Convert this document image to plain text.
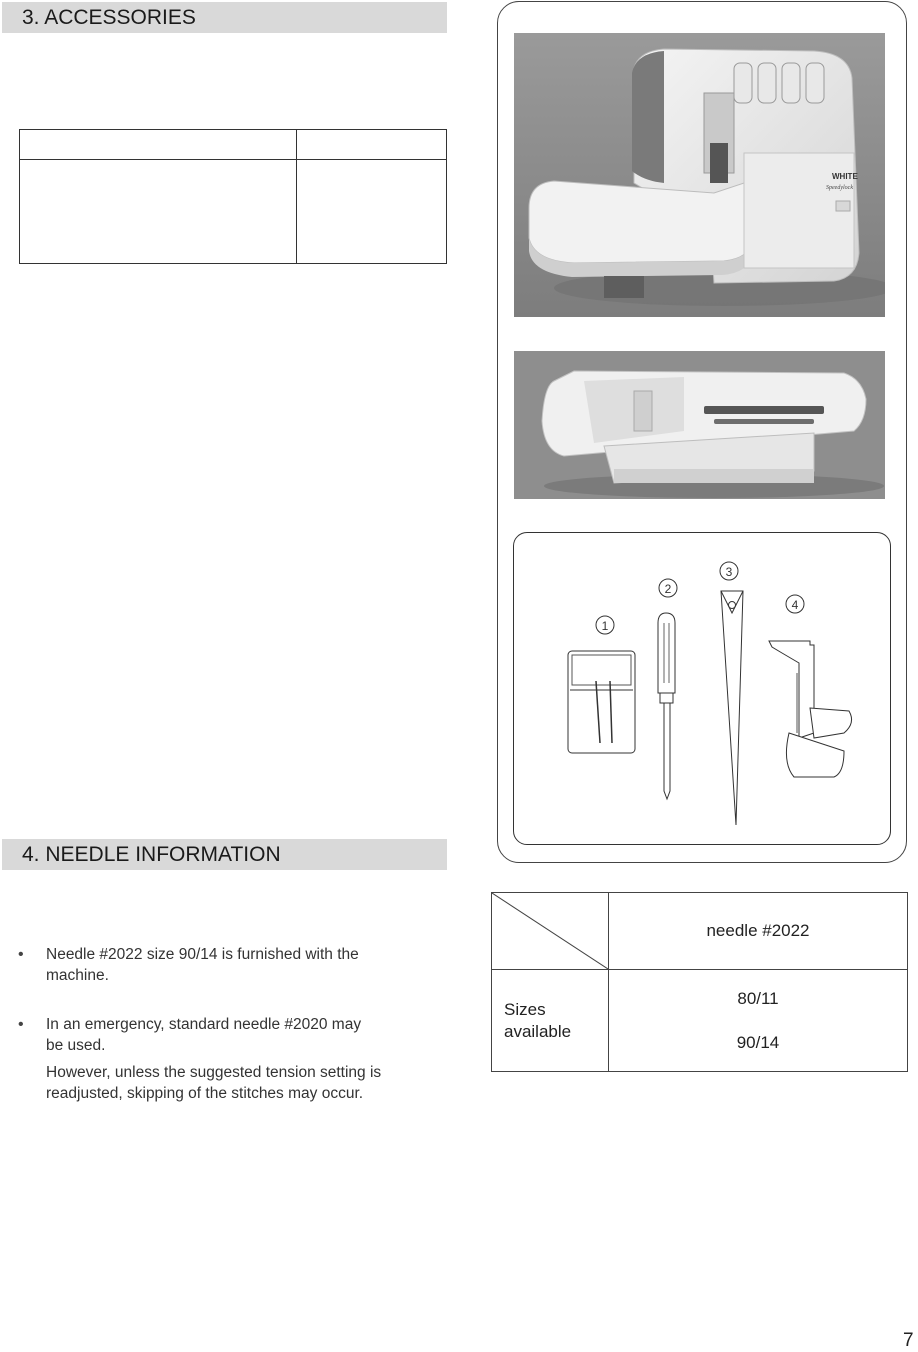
3. ACCESSORIES

WHITE
Speedylock
1
2
3
4
4. NEEDLE INFORMATION
• Needle #2022 size 90/14 is furnished with the
machine.
• In an emergency, standard needle #2020 may
be used.
However, unless the suggested tension setting is readjusted, skipping of the stitches may occur.
	needle #2022

Sizes
available	80/11
90/14
7
